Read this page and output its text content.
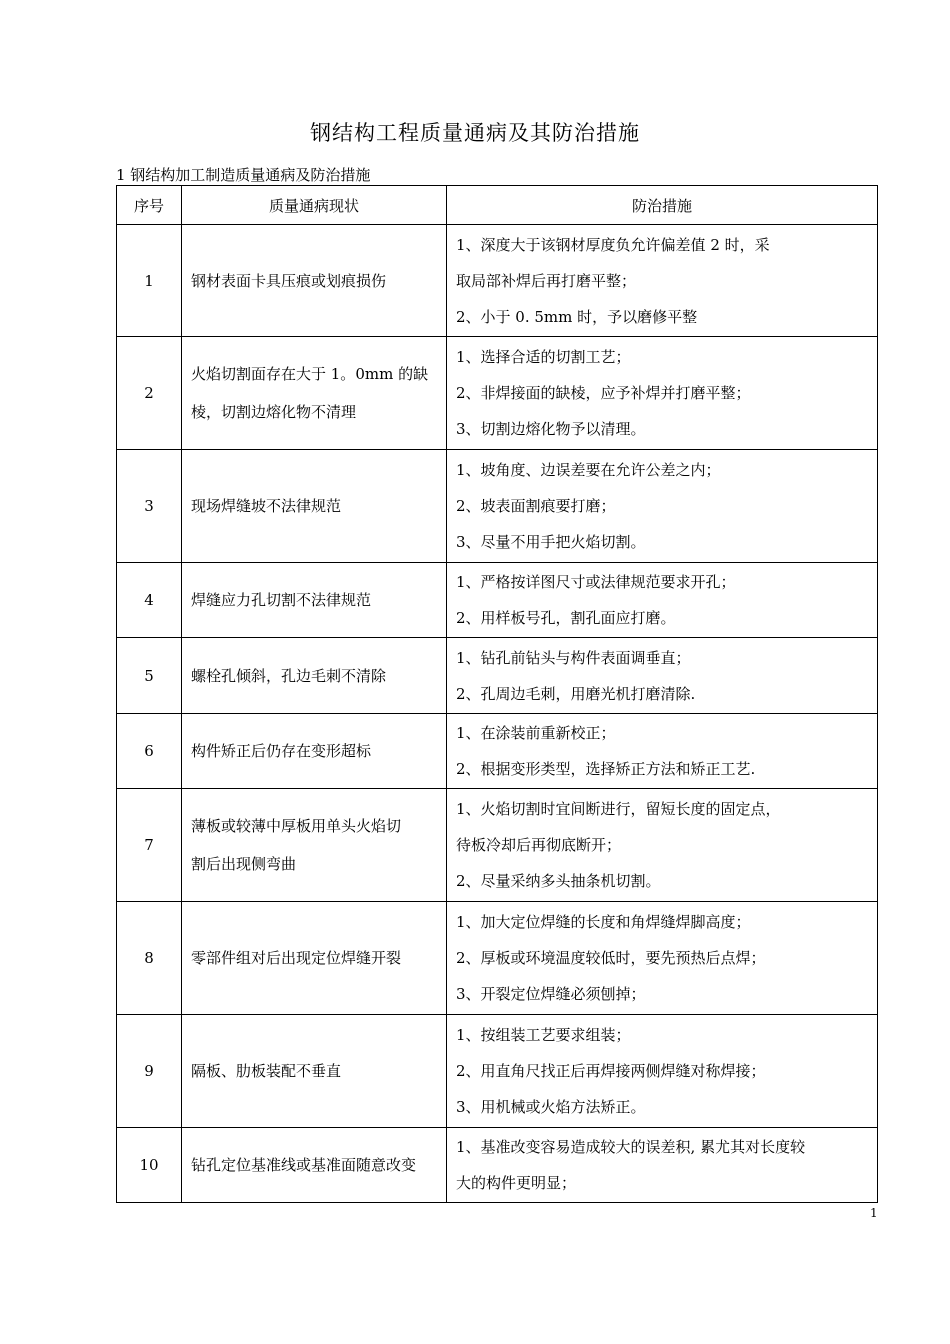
钢结构工程质量通病及其防治措施
1 钢结构加工制造质量通病及防治措施
序号	质量通病现状	防治措施
1	钢材表面卡具压痕或划痕损伤	1、深度大于该钢材厚度负允许偏差值 2 时，采
取局部补焊后再打磨平整；
2、小于 0. 5mm 时，予以磨修平整

2	火焰切割面存在大于 1。0mm 的缺棱，切割边熔化物不清理	1、选择合适的切割工艺；
2、非焊接面的缺棱，应予补焊并打磨平整；
3、切割边熔化物予以清理。

3	现场焊缝坡不法律规范	1、坡角度、边误差要在允许公差之内；
2、坡表面割痕要打磨；
3、尽量不用手把火焰切割。

4	焊缝应力孔切割不法律规范	1、严格按详图尺寸或法律规范要求开孔；
2、用样板号孔，割孔面应打磨。

5	螺栓孔倾斜，孔边毛刺不清除	1、钻孔前钻头与构件表面调垂直；
2、孔周边毛刺，用磨光机打磨清除.

6	构件矫正后仍存在变形超标	1、在涂装前重新校正；
2、根据变形类型，选择矫正方法和矫正工艺.

7	薄板或较薄中厚板用单头火焰切割后出现侧弯曲	1、火焰切割时宜间断进行，留短长度的固定点，
待板冷却后再彻底断开；
2、尽量采纳多头抽条机切割。

8	零部件组对后出现定位焊缝开裂	1、加大定位焊缝的长度和角焊缝焊脚高度；
2、厚板或环境温度较低时，要先预热后点焊；
3、开裂定位焊缝必须刨掉；

9	隔板、肋板装配不垂直	1、按组装工艺要求组装；
2、用直角尺找正后再焊接两侧焊缝对称焊接；
3、用机械或火焰方法矫正。

10	钻孔定位基准线或基准面随意改变	1、基准改变容易造成较大的误差积, 累尤其对长度较
大的构件更明显；
1
